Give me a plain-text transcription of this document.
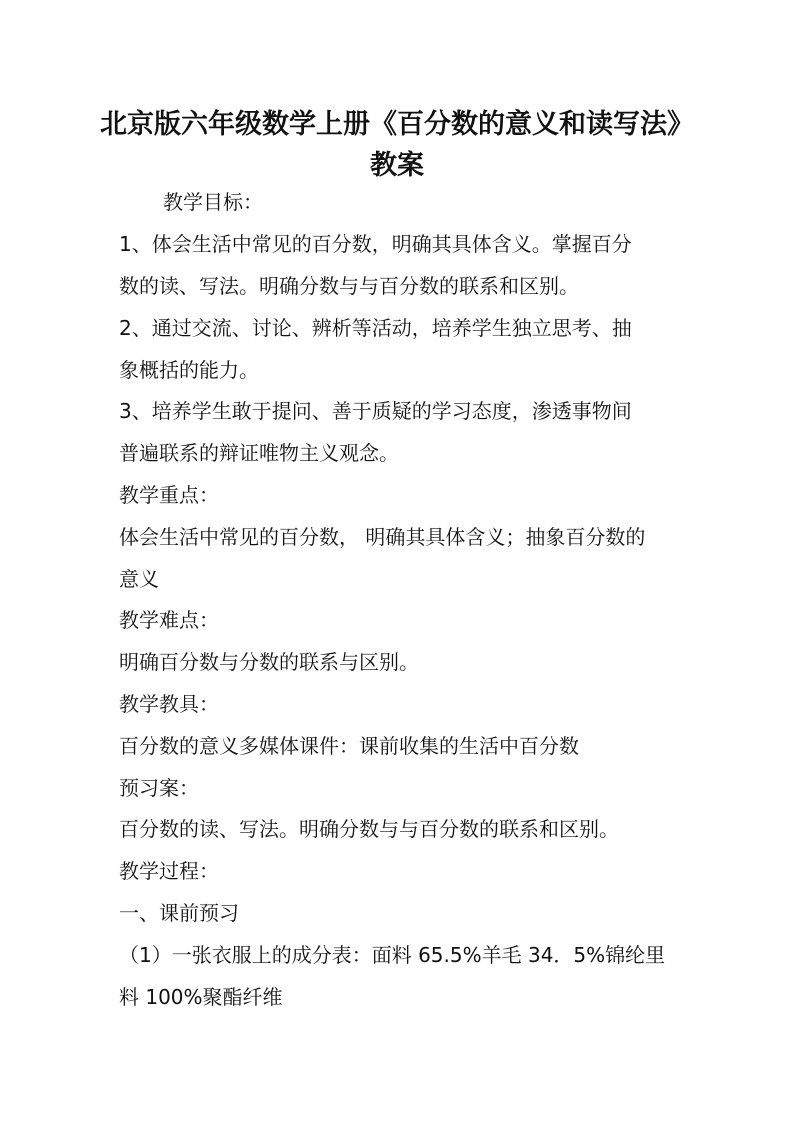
北京版六年级数学上册《百分数的意义和读写法》
教案
教学目标：
1、体会生活中常见的百分数，明确其具体含义。掌握百分
数的读、写法。明确分数与与百分数的联系和区别。
2、通过交流、讨论、辨析等活动，培养学生独立思考、抽
象概括的能力。
3、培养学生敢于提问、善于质疑的学习态度，渗透事物间
普遍联系的辩证唯物主义观念。
教学重点：
体会生活中常见的百分数， 明确其具体含义；抽象百分数的
意义
教学难点：
明确百分数与分数的联系与区别。
教学教具：
百分数的意义多媒体课件：课前收集的生活中百分数
预习案：
百分数的读、写法。明确分数与与百分数的联系和区别。
教学过程：
一、课前预习
（1）一张衣服上的成分表：面料 65.5%羊毛 34．5%锦纶里
料 100%聚酯纤维
